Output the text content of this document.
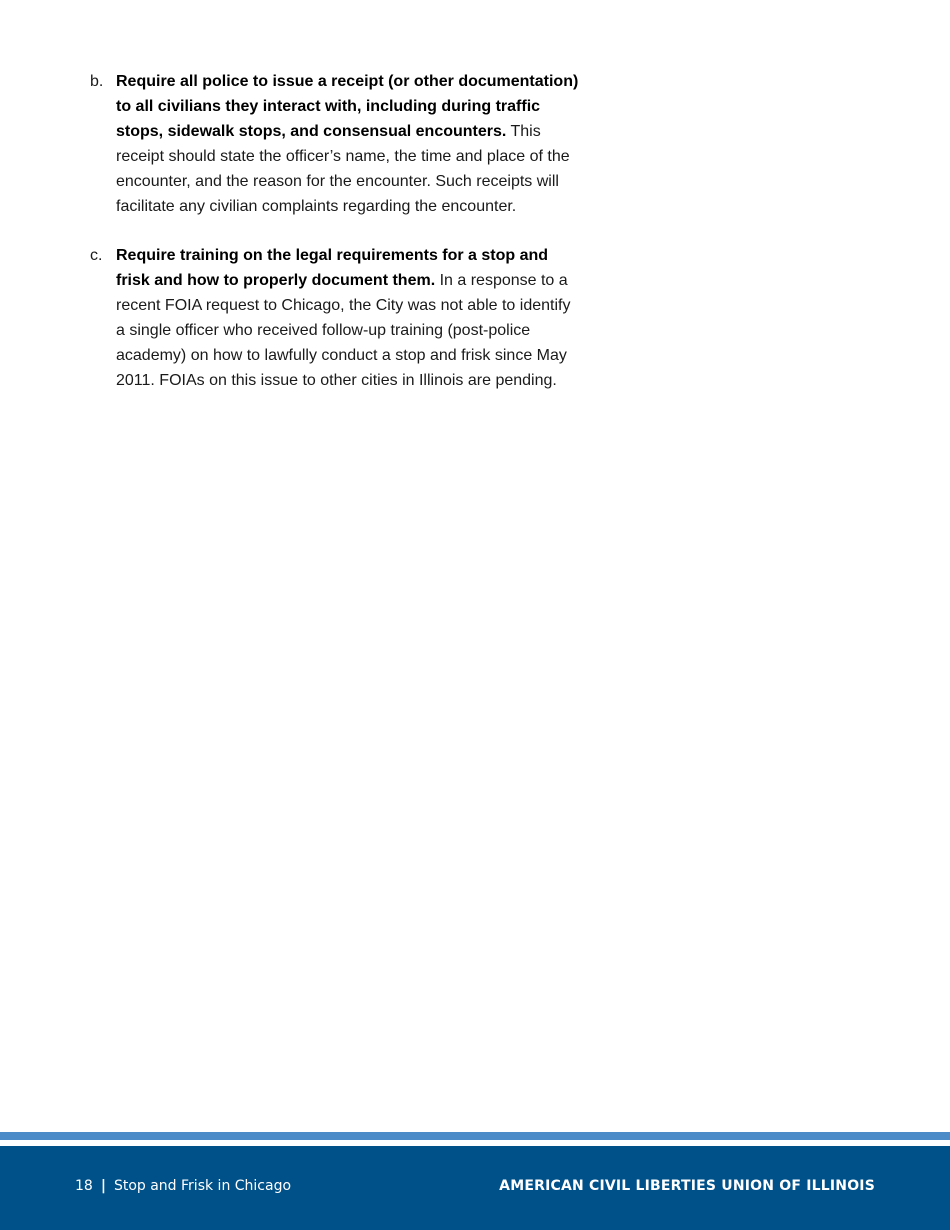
b. Require all police to issue a receipt (or other documentation) to all civilians they interact with, including during traffic stops, sidewalk stops, and consensual encounters. This receipt should state the officer’s name, the time and place of the encounter, and the reason for the encounter. Such receipts will facilitate any civilian complaints regarding the encounter.
c. Require training on the legal requirements for a stop and frisk and how to properly document them. In a response to a recent FOIA request to Chicago, the City was not able to identify a single officer who received follow-up training (post-police academy) on how to lawfully conduct a stop and frisk since May 2011. FOIAs on this issue to other cities in Illinois are pending.
18 | Stop and Frisk in Chicago	AMERICAN CIVIL LIBERTIES UNION OF ILLINOIS
